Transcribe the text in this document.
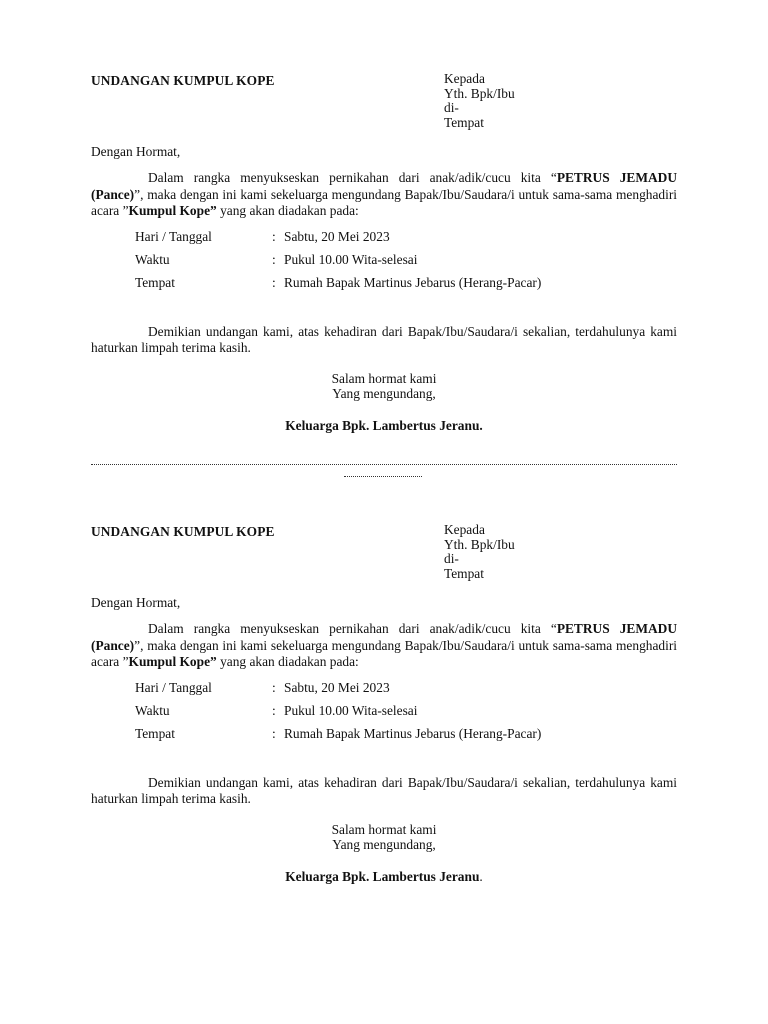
UNDANGAN KUMPUL KOPE	Kepada
Yth. Bpk/Ibu
di-
Tempat
Dengan Hormat,
Dalam rangka menyukseskan pernikahan dari anak/adik/cucu kita “PETRUS JEMADU (Pance)”, maka dengan ini kami sekeluarga mengundang Bapak/Ibu/Saudara/i untuk sama-sama menghadiri acara ”Kumpul Kope” yang akan diadakan pada:
Hari / Tanggal	: Sabtu, 20 Mei 2023
Waktu	: Pukul 10.00 Wita-selesai
Tempat	: Rumah Bapak Martinus Jebarus (Herang-Pacar)
Demikian undangan kami, atas kehadiran dari Bapak/Ibu/Saudara/i sekalian, terdahulunya kami haturkan limpah terima kasih.
Salam hormat kami
Yang mengundang,
Keluarga Bpk. Lambertus Jeranu.
UNDANGAN KUMPUL KOPE	Kepada
Yth. Bpk/Ibu
di-
Tempat
Dengan Hormat,
Dalam rangka menyukseskan pernikahan dari anak/adik/cucu kita “PETRUS JEMADU (Pance)”, maka dengan ini kami sekeluarga mengundang Bapak/Ibu/Saudara/i untuk sama-sama menghadiri acara ”Kumpul Kope” yang akan diadakan pada:
Hari / Tanggal	: Sabtu, 20 Mei 2023
Waktu	: Pukul 10.00 Wita-selesai
Tempat	: Rumah Bapak Martinus Jebarus (Herang-Pacar)
Demikian undangan kami, atas kehadiran dari Bapak/Ibu/Saudara/i sekalian, terdahulunya kami haturkan limpah terima kasih.
Salam hormat kami
Yang mengundang,
Keluarga Bpk. Lambertus Jeranu.
